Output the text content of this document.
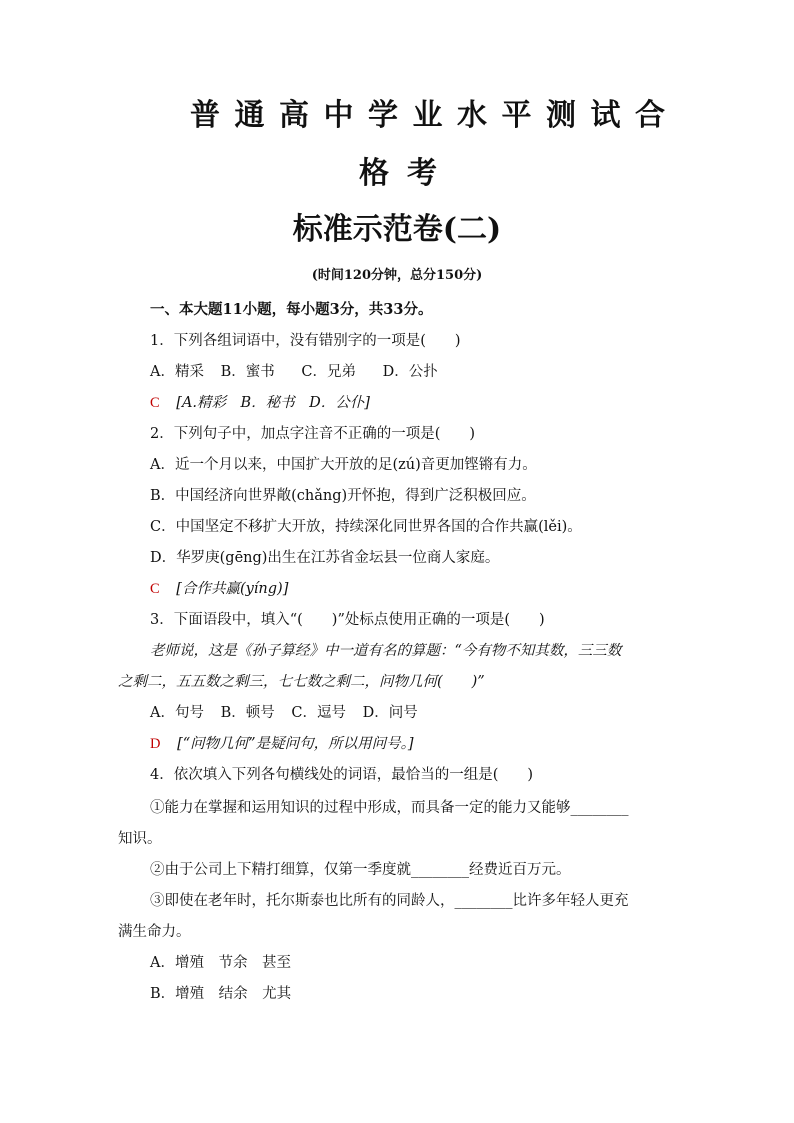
普通高中学业水平测试合
格考
标准示范卷(二)
(时间120分钟，总分150分)
一、本大题11小题，每小题3分，共33分。
1．下列各组词语中，没有错别字的一项是(　　)
A．精采 B．蜜书 C．兄弟 D．公扑
C [A.精彩　B．秘书　D．公仆]
2．下列句子中，加点字注音不正确的一项是(　　)
A．近一个月以来，中国扩大开放的足(zú)音更加铿锵有力。
B．中国经济向世界敞(chǎng)开怀抱，得到广泛积极回应。
C．中国坚定不移扩大开放，持续深化同世界各国的合作共赢(lěi)。
D．华罗庚(gēng)出生在江苏省金坛县一位商人家庭。
C [合作共赢(yíng)]
3．下面语段中，填入“(　　)”处标点使用正确的一项是(　　)
老师说，这是《孙子算经》中一道有名的算题：“今有物不知其数，三三数
之剩二，五五数之剩三，七七数之剩二，问物几何(　　)”
A．句号 B．顿号 C．逗号 D．问号
D [“问物几何”是疑问句，所以用问号。]
4．依次填入下列各句横线处的词语，最恰当的一组是(　　)
①能力在掌握和运用知识的过程中形成，而具备一定的能力又能够________
知识。
②由于公司上下精打细算，仅第一季度就________经费近百万元。
③即使在老年时，托尔斯泰也比所有的同龄人，________比许多年轻人更充
满生命力。
A．增殖　节余　甚至
B．增殖　结余　尤其
